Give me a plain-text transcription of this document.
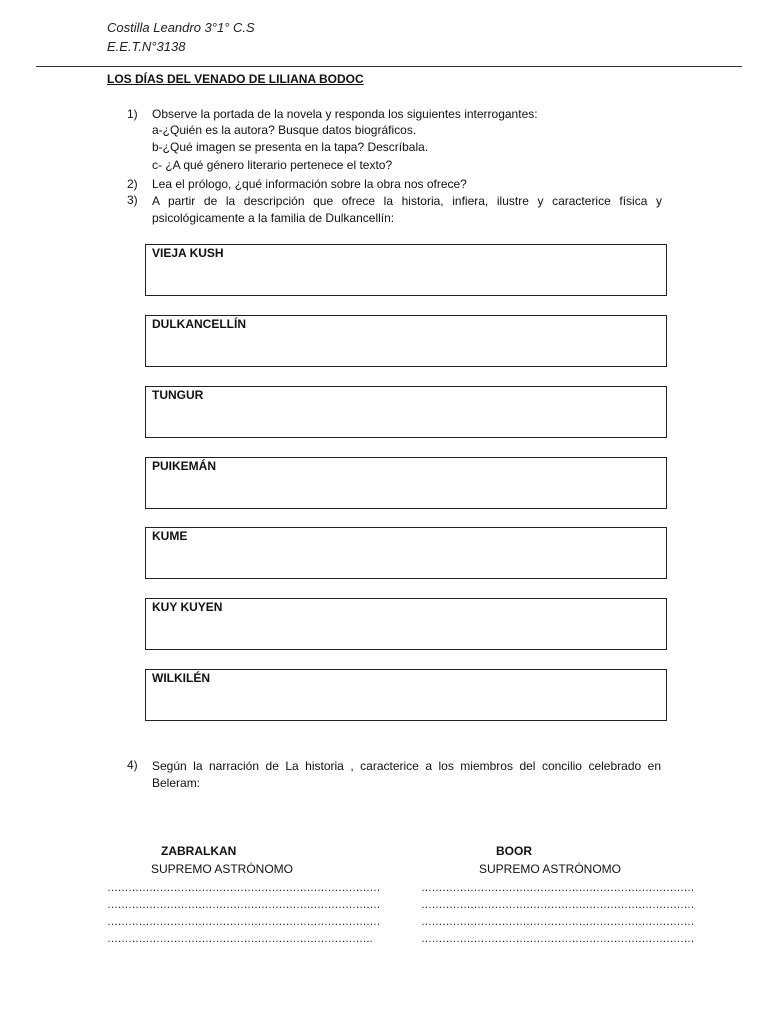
Costilla Leandro 3°1° C.S
E.E.T.N°3138
LOS DÍAS DEL VENADO DE LILIANA BODOC
1) Observe la portada de la novela y responda los siguientes interrogantes:
a-¿Quién es la autora? Busque datos biográficos.
b-¿Qué imagen se presenta en la tapa? Descríbala.
c- ¿A qué género literario pertenece el texto?
2) Lea el prólogo, ¿qué información sobre la obra nos ofrece?
3) A partir de la descripción que ofrece la historia, infiera, ilustre y caracterice física y psicológicamente a la familia de Dulkancellín:
VIEJA KUSH
DULKANCELLÍN
TUNGUR
PUIKEMÁN
KUME
KUY KUYEN
WILKILÉN
4) Según la narración de La historia , caracterice a los miembros del concilio celebrado en Beleram:
ZABRALKAN
SUPREMO ASTRÓNOMO
BOOR
SUPREMO ASTRÓNOMO
……………………………………………………………………
……………………………………………………………………
……………………………………………………………………
………………………………………………………………….
……………………………………………………………………
……………………………………………………………………
……………………………………………………………………
……………………………………………………………………
